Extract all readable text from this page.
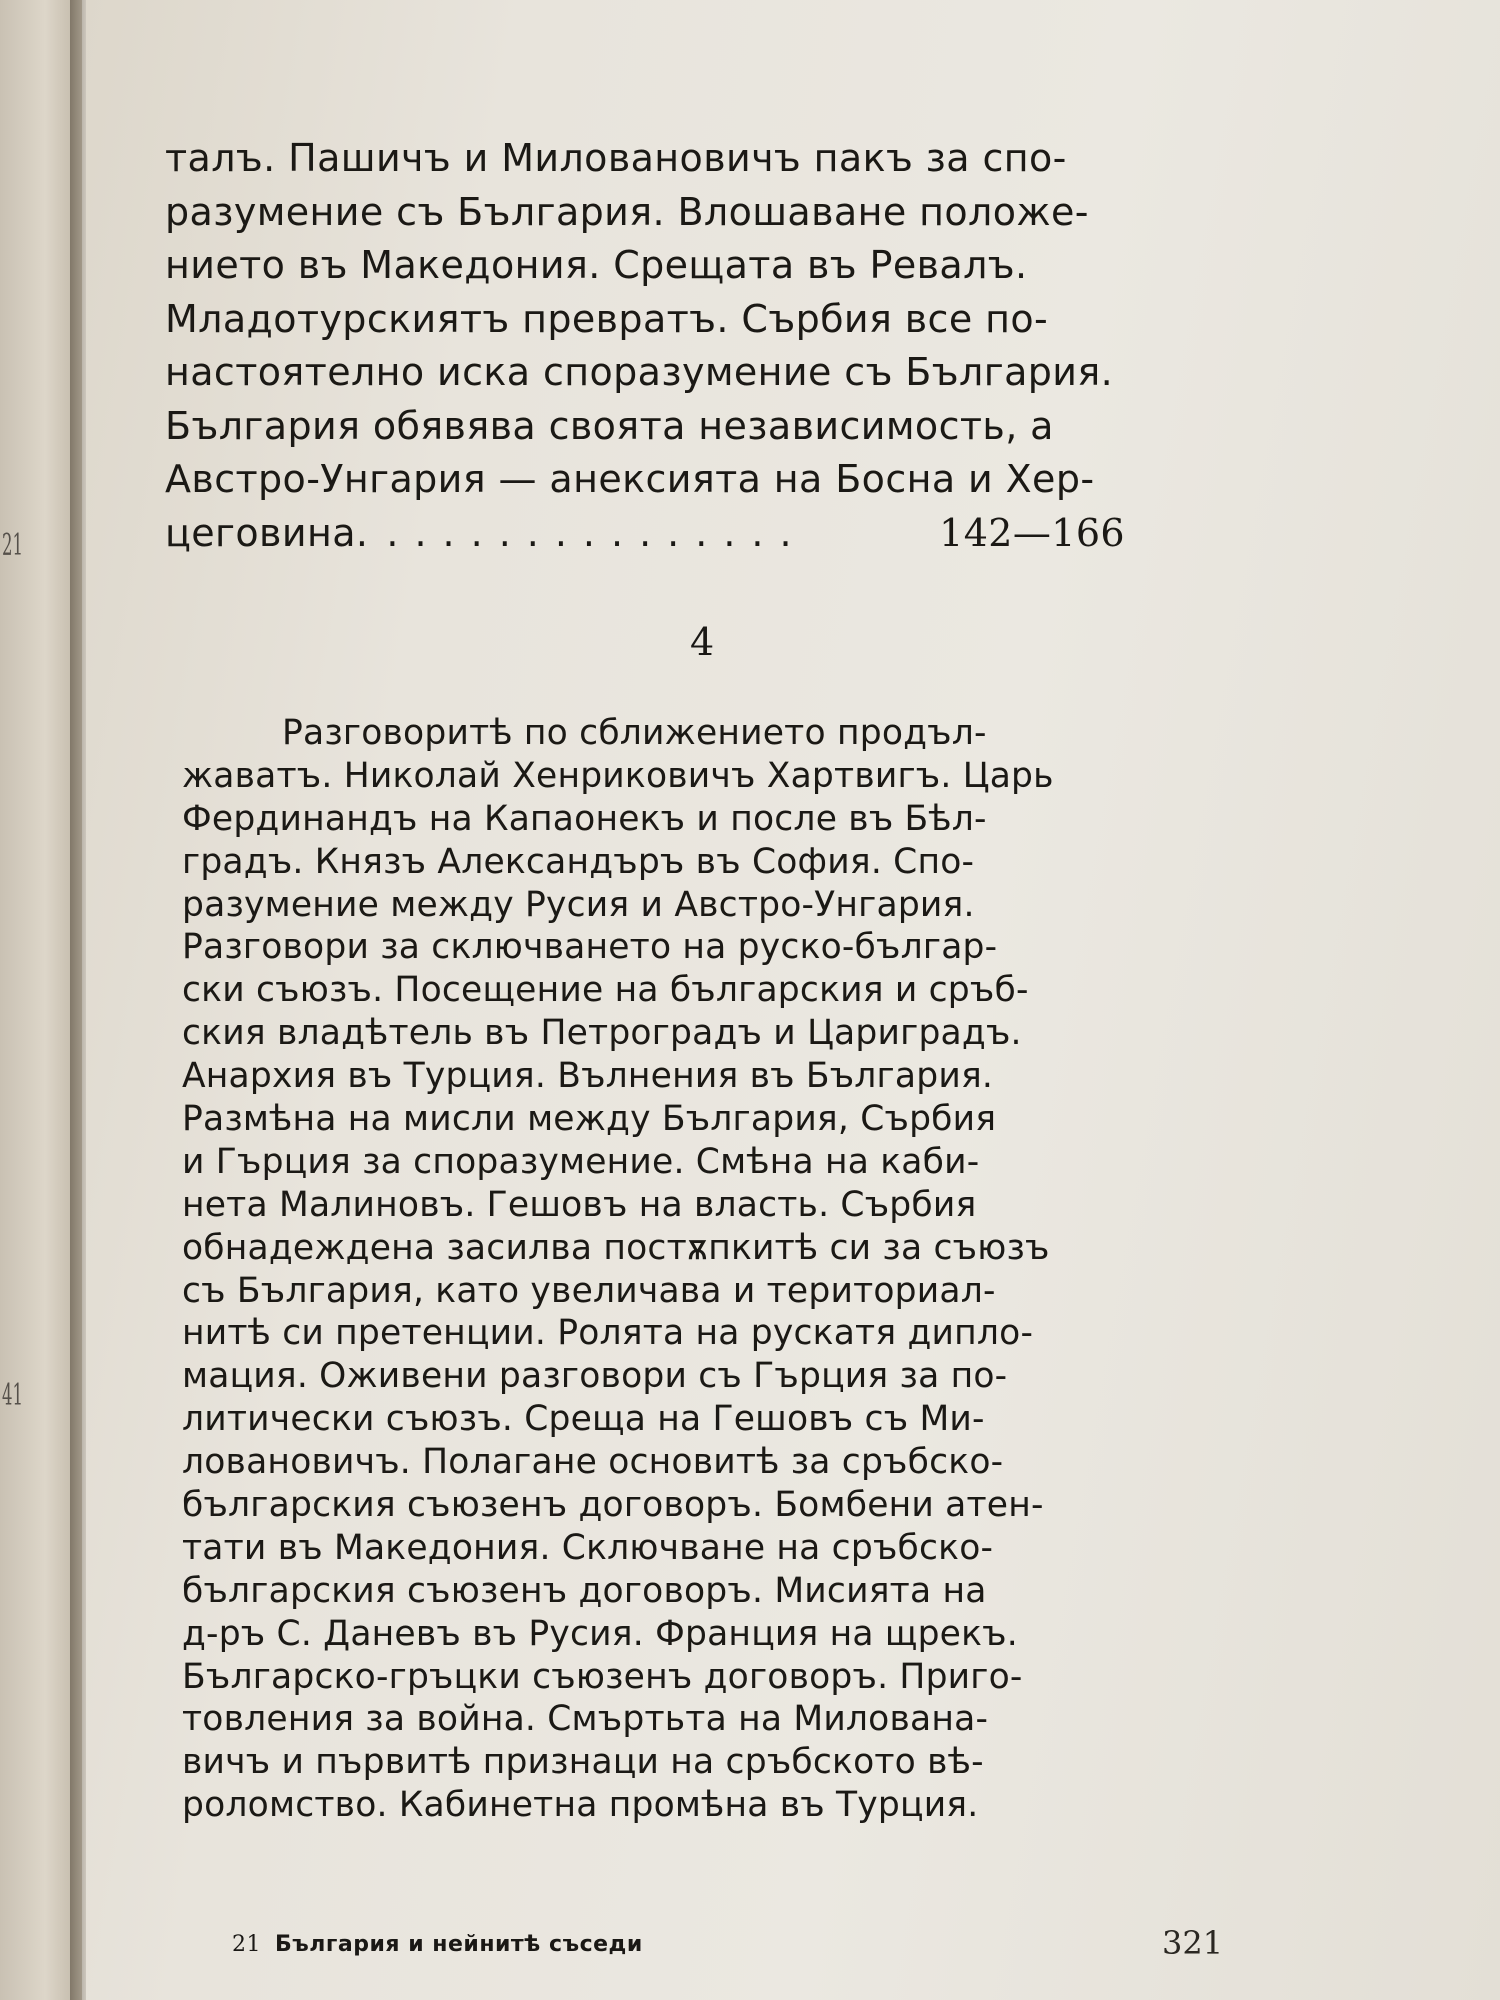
21
41
талъ. Пашичъ и Миловановичъ пакъ за спо-
разумение съ България. Влошаване положе-
нието въ Македония. Срещата въ Ревалъ.
Младотурскиятъ превратъ. Сърбия все по-
настоятелно иска споразумение съ България.
България обявява своята независимость, а
Австро-Унгария — анексията на Босна и Хер-
цеговина. ...............	142—166
4
Разговоритѣ по сближението продъл-
жаватъ. Николай Хенриковичъ Хартвигъ. Царь
Фердинандъ на Капаонекъ и после въ Бѣл-
градъ. Князъ Александъръ въ София. Спо-
разумение между Русия и Австро-Унгария.
Разговори за сключването на руско-българ-
ски съюзъ. Посещение на българския и сръб-
ския владѣтель въ Петроградъ и Цариградъ.
Анархия въ Турция. Вълнения въ България.
Размѣна на мисли между България, Сърбия
и Гърция за споразумение. Смѣна на каби-
нета Малиновъ. Гешовъ на власть. Сърбия
обнадеждена засилва постѫпкитѣ си за съюзъ
съ България, като увеличава и териториал-
нитѣ си претенции. Ролята на рускатя дипло-
мация. Оживени разговори съ Гърция за по-
литически съюзъ. Среща на Гешовъ съ Ми-
ловановичъ. Полагане основитѣ за сръбско-
българския съюзенъ договоръ. Бомбени атен-
тати въ Македония. Сключване на сръбско-
българския съюзенъ договоръ. Мисията на
д-ръ С. Даневъ въ Русия. Франция на щрекъ.
Българско-гръцки съюзенъ договоръ. Приго-
товления за война. Смъртьта на Милована-
вичъ и първитѣ признаци на сръбското вѣ-
роломство. Кабинетна промѣна въ Турция.
21 България и нейнитѣ съседи	321
